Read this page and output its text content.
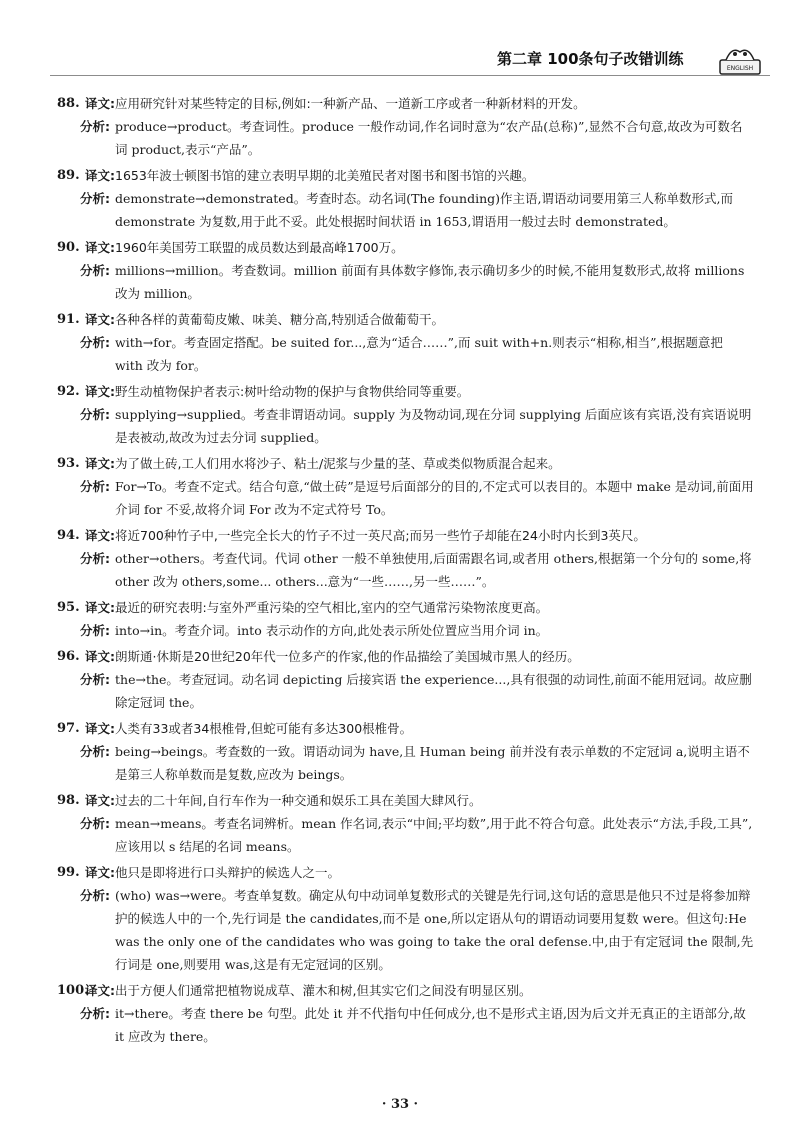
第二章 100条句子改错训练
ENGLISH
88. 译文:应用研究针对某些特定的目标,例如:一种新产品、一道新工序或者一种新材料的开发。
分析: produce→product。考查词性。produce 一般作动词,作名词时意为“农产品(总称)”,显然不合句意,故改为可数名词 product,表示“产品”。
89. 译文:1653年波士顿图书馆的建立表明早期的北美殖民者对图书和图书馆的兴趣。
分析: demonstrate→demonstrated。考查时态。动名词(The founding)作主语,谓语动词要用第三人称单数形式,而 demonstrate 为复数,用于此不妥。此处根据时间状语 in 1653,谓语用一般过去时 demonstrated。
90. 译文:1960年美国劳工联盟的成员数达到最高峰1700万。
分析: millions→million。考查数词。million 前面有具体数字修饰,表示确切多少的时候,不能用复数形式,故将 millions 改为 million。
91. 译文:各种各样的黄葡萄皮嫩、味美、糖分高,特别适合做葡萄干。
分析: with→for。考查固定搭配。be suited for...,意为“适合……”,而 suit with+n.则表示“相称,相当”,根据题意把 with 改为 for。
92. 译文:野生动植物保护者表示:树叶给动物的保护与食物供给同等重要。
分析: supplying→supplied。考查非谓语动词。supply 为及物动词,现在分词 supplying 后面应该有宾语,没有宾语说明是表被动,故改为过去分词 supplied。
93. 译文:为了做土砖,工人们用水将沙子、粘土/泥浆与少量的茎、草或类似物质混合起来。
分析: For→To。考查不定式。结合句意,“做土砖”是逗号后面部分的目的,不定式可以表目的。本题中 make 是动词,前面用介词 for 不妥,故将介词 For 改为不定式符号 To。
94. 译文:将近700种竹子中,一些完全长大的竹子不过一英尺高;而另一些竹子却能在24小时内长到3英尺。
分析: other→others。考查代词。代词 other 一般不单独使用,后面需跟名词,或者用 others,根据第一个分句的 some,将 other 改为 others,some... others...意为“一些……,另一些……”。
95. 译文:最近的研究表明:与室外严重污染的空气相比,室内的空气通常污染物浓度更高。
分析: into→in。考查介词。into 表示动作的方向,此处表示所处位置应当用介词 in。
96. 译文:朗斯通·休斯是20世纪20年代一位多产的作家,他的作品描绘了美国城市黑人的经历。
分析: the→the。考查冠词。动名词 depicting 后接宾语 the experience...,具有很强的动词性,前面不能用冠词。故应删除定冠词 the。
97. 译文:人类有33或者34根椎骨,但蛇可能有多达300根椎骨。
分析: being→beings。考查数的一致。谓语动词为 have,且 Human being 前并没有表示单数的不定冠词 a,说明主语不是第三人称单数而是复数,应改为 beings。
98. 译文:过去的二十年间,自行车作为一种交通和娱乐工具在美国大肆风行。
分析: mean→means。考查名词辨析。mean 作名词,表示“中间;平均数”,用于此不符合句意。此处表示“方法,手段,工具”,应该用以 s 结尾的名词 means。
99. 译文:他只是即将进行口头辩护的候选人之一。
分析: (who) was→were。考查单复数。确定从句中动词单复数形式的关键是先行词,这句话的意思是他只不过是将参加辩护的候选人中的一个,先行词是 the candidates,而不是 one,所以定语从句的谓语动词要用复数 were。但这句:He was the only one of the candidates who was going to take the oral defense.中,由于有定冠词 the 限制,先行词是 one,则要用 was,这是有无定冠词的区别。
100.
译文:出于方便人们通常把植物说成草、灌木和树,但其实它们之间没有明显区别。
分析: it→there。考查 there be 句型。此处 it 并不代指句中任何成分,也不是形式主语,因为后文并无真正的主语部分,故 it 应改为 there。
· 33 ·
